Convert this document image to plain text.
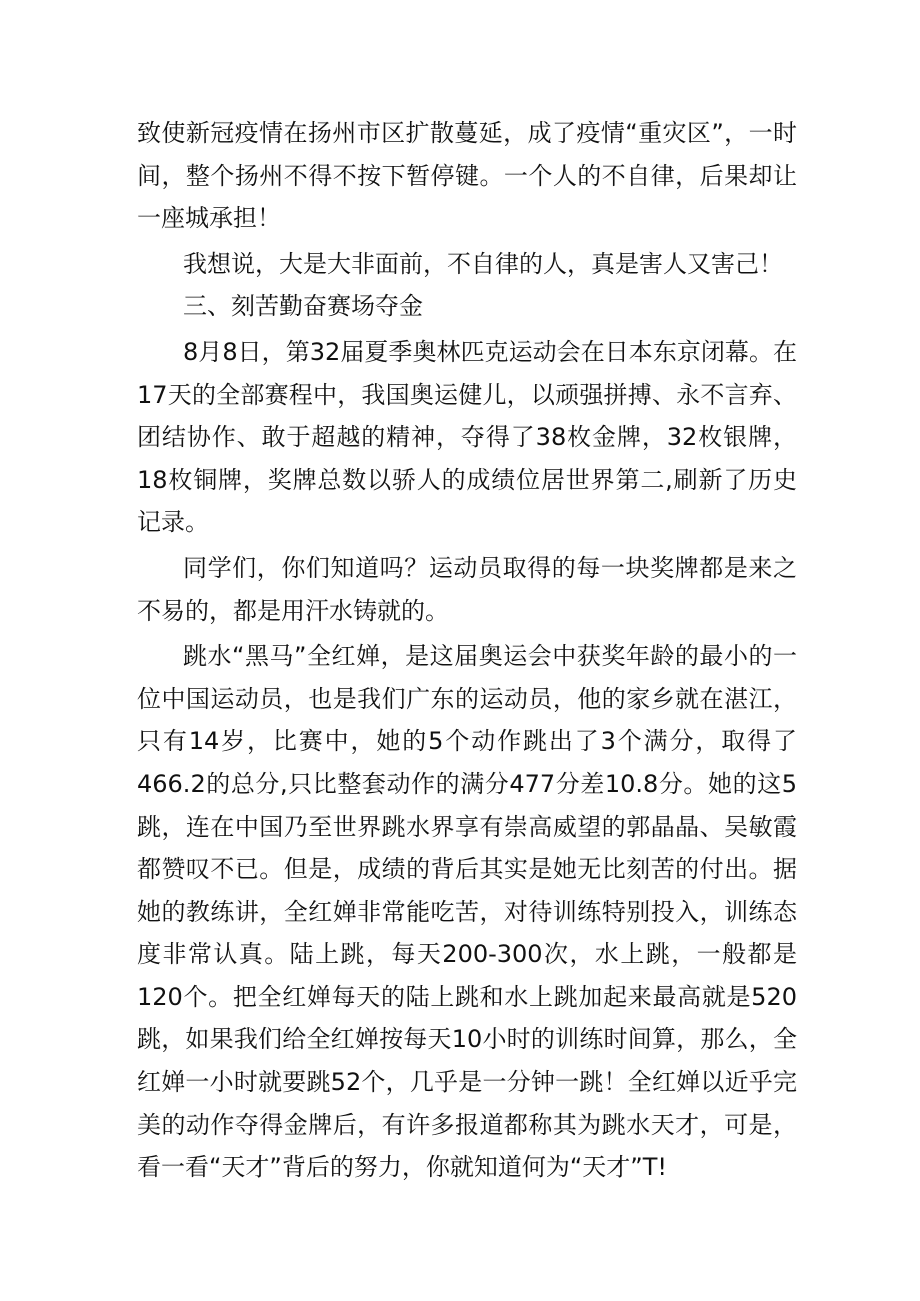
致使新冠疫情在扬州市区扩散蔓延，成了疫情“重灾区”，一时间，整个扬州不得不按下暂停键。一个人的不自律，后果却让一座城承担！

我想说，大是大非面前，不自律的人，真是害人又害己！

三、刻苦勤奋赛场夺金

8月8日，第32届夏季奥林匹克运动会在日本东京闭幕。在17天的全部赛程中，我国奥运健儿，以顽强拼搏、永不言弃、团结协作、敢于超越的精神，夺得了38枚金牌，32枚银牌，18枚铜牌，奖牌总数以骄人的成绩位居世界第二,刷新了历史记录。

同学们，你们知道吗？运动员取得的每一块奖牌都是来之不易的，都是用汗水铸就的。

跳水“黑马”全红婵，是这届奥运会中获奖年龄的最小的一位中国运动员，也是我们广东的运动员，他的家乡就在湛江，只有14岁，比赛中，她的5个动作跳出了3个满分，取得了466.2的总分,只比整套动作的满分477分差10.8分。她的这5跳，连在中国乃至世界跳水界享有崇高威望的郭晶晶、吴敏霞都赞叹不已。但是，成绩的背后其实是她无比刻苦的付出。据她的教练讲，全红婵非常能吃苦，对待训练特别投入，训练态度非常认真。陆上跳，每天200-300次，水上跳，一般都是120个。把全红婵每天的陆上跳和水上跳加起来最高就是520跳，如果我们给全红婵按每天10小时的训练时间算，那么，全红婵一小时就要跳52个，几乎是一分钟一跳！全红婵以近乎完美的动作夺得金牌后，有许多报道都称其为跳水天才，可是，看一看“天才”背后的努力，你就知道何为“天才”T!
